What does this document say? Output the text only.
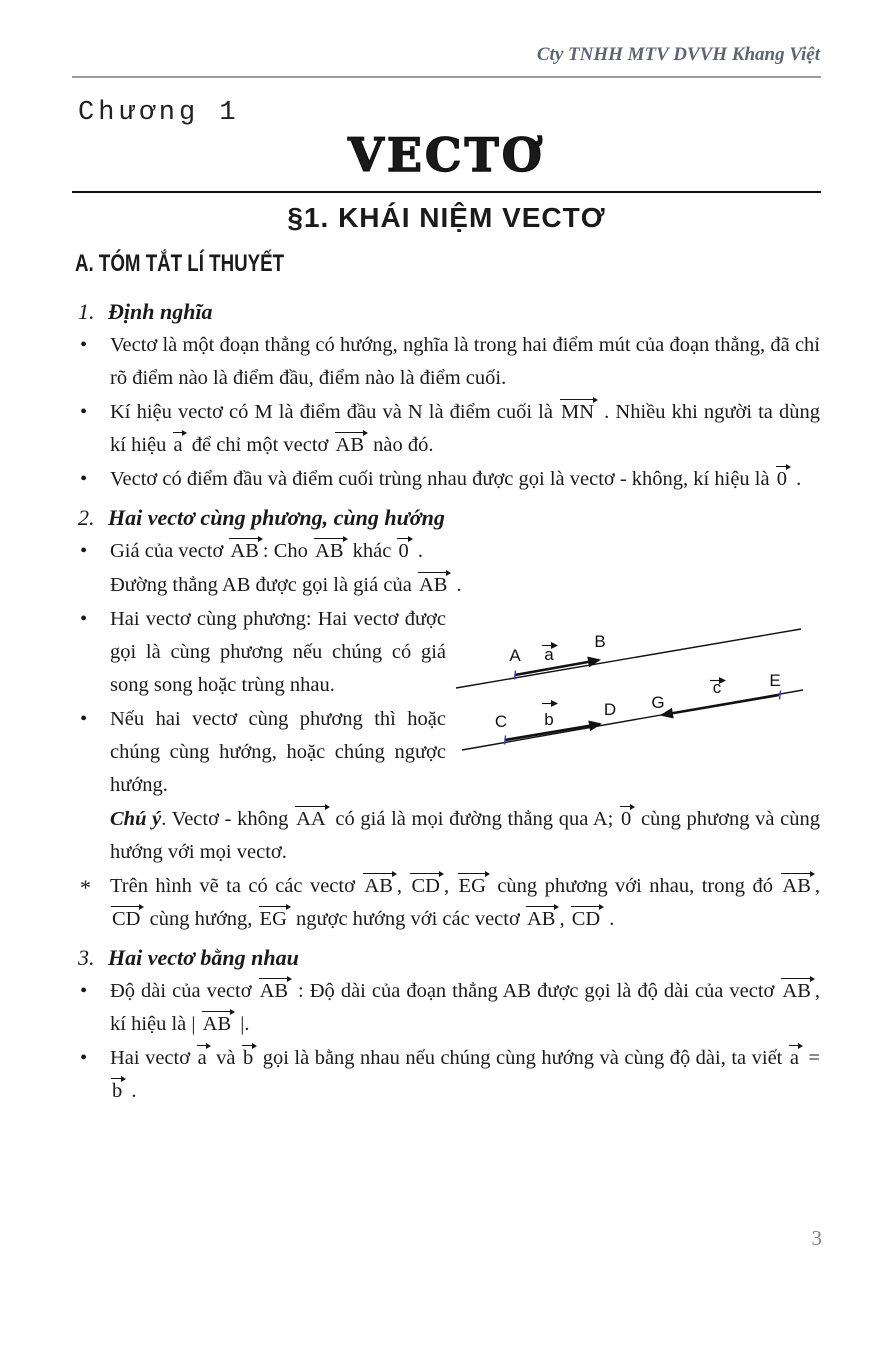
Cty TNHH MTV DVVH Khang Việt
Chương 1
VECTƠ
§1. KHÁI NIỆM VECTƠ
A. TÓM TẮT LÍ THUYẾT
1. Định nghĩa
• Vectơ là một đoạn thẳng có hướng, nghĩa là trong hai điểm mút của đoạn thẳng, đã chỉ rõ điểm nào là điểm đầu, điểm nào là điểm cuối.
• Kí hiệu vectơ có M là điểm đầu và N là điểm cuối là MN . Nhiều khi người ta dùng kí hiệu a để chỉ một vectơ AB nào đó.
• Vectơ có điểm đầu và điểm cuối trùng nhau được gọi là vectơ - không, kí hiệu là 0 .
2. Hai vectơ cùng phương, cùng hướng
• Giá của vectơ AB : Cho AB khác 0 .
Đường thẳng AB được gọi là giá của AB .
• Hai vectơ cùng phương: Hai vectơ được gọi là cùng phương nếu chúng có giá song song hoặc trùng nhau.
• Nếu hai vectơ cùng phương thì hoặc chúng cùng hướng, hoặc chúng ngược hướng.
Chú ý. Vectơ - không AA có giá là mọi đường thẳng qua A; 0 cùng phương và cùng hướng với mọi vectơ.
* Trên hình vẽ ta có các vectơ AB , CD , EG cùng phương với nhau, trong đó AB , CD cùng hướng, EG ngược hướng với các vectơ AB , CD .
3. Hai vectơ bằng nhau
• Độ dài của vectơ AB : Độ dài của đoạn thẳng AB được gọi là độ dài của vectơ AB , kí hiệu là | AB |.
• Hai vectơ a và b gọi là bằng nhau nếu chúng cùng hướng và cùng độ dài, ta viết a = b .
A
B
C
D
E
G
a
b
c
3
